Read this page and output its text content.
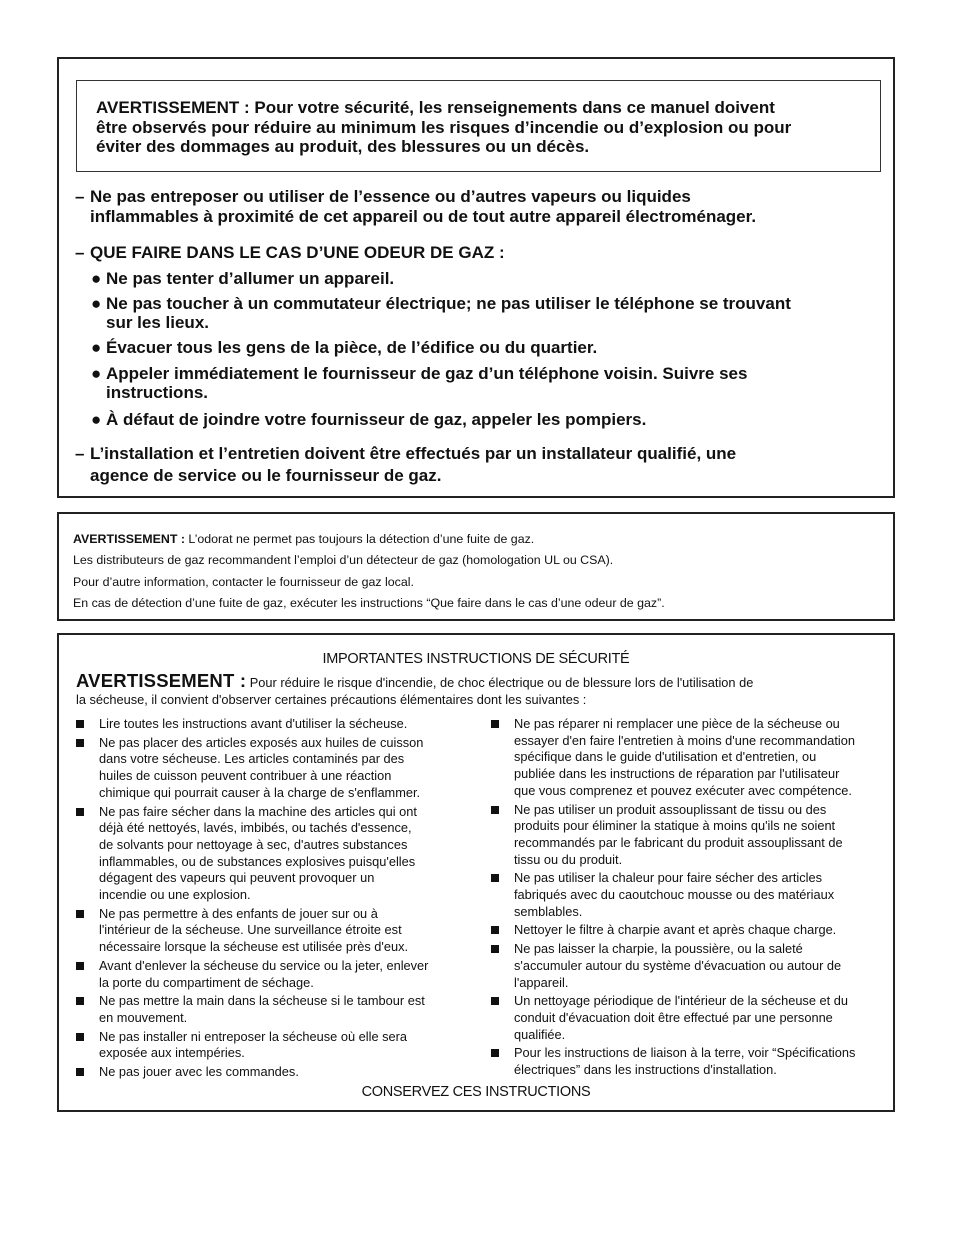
AVERTISSEMENT : Pour votre sécurité, les renseignements dans ce manuel doivent
être observés pour réduire au minimum les risques d’incendie ou d’explosion ou pour
éviter des dommages au produit, des blessures ou un décès.
– Ne pas entreposer ou utiliser de l’essence ou d’autres vapeurs ou liquides
inflammables à proximité de cet appareil ou de tout autre appareil électroménager.
– QUE FAIRE DANS LE CAS D’UNE ODEUR DE GAZ :
● Ne pas tenter d’allumer un appareil.
● Ne pas toucher à un commutateur électrique; ne pas utiliser le téléphone se trouvant
sur les lieux.
● Évacuer tous les gens de la pièce, de l’édifice ou du quartier.
● Appeler immédiatement le fournisseur de gaz d’un téléphone voisin. Suivre ses
instructions.
● À défaut de joindre votre fournisseur de gaz, appeler les pompiers.
– L’installation et l’entretien doivent être effectués par un installateur qualifié, une
agence de service ou le fournisseur de gaz.
AVERTISSEMENT : L’odorat ne permet pas toujours la détection d’une fuite de gaz.
Les distributeurs de gaz recommandent l’emploi d’un détecteur de gaz (homologation UL ou CSA).
Pour d’autre information, contacter le fournisseur de gaz local.
En cas de détection d’une fuite de gaz, exécuter les instructions “Que faire dans le cas d’une odeur de gaz”.
IMPORTANTES INSTRUCTIONS DE SÉCURITÉ
AVERTISSEMENT : Pour réduire le risque d'incendie, de choc électrique ou de blessure lors de l'utilisation de
la sécheuse, il convient d'observer certaines précautions élémentaires dont les suivantes :
Lire toutes les instructions avant d'utiliser la sécheuse.
Ne pas placer des articles exposés aux huiles de cuisson
dans votre sécheuse. Les articles contaminés par des
huiles de cuisson peuvent contribuer à une réaction
chimique qui pourrait causer à la charge de s'enflammer.
Ne pas faire sécher dans la machine des articles qui ont
déjà été nettoyés, lavés, imbibés, ou tachés d'essence,
de solvants pour nettoyage à sec, d'autres substances
inflammables, ou de substances explosives puisqu'elles
dégagent des vapeurs qui peuvent provoquer un
incendie ou une explosion.
Ne pas permettre à des enfants de jouer sur ou à
l'intérieur de la sécheuse. Une surveillance étroite est
nécessaire lorsque la sécheuse est utilisée près d'eux.
Avant d'enlever la sécheuse du service ou la jeter, enlever
la porte du compartiment de séchage.
Ne pas mettre la main dans la sécheuse si le tambour est
en mouvement.
Ne pas installer ni entreposer la sécheuse où elle sera
exposée aux intempéries.
Ne pas jouer avec les commandes.
Ne pas réparer ni remplacer une pièce de la sécheuse ou
essayer d'en faire l'entretien à moins d'une recommandation
spécifique dans le guide d'utilisation et d'entretien, ou
publiée dans les instructions de réparation par l'utilisateur
que vous comprenez et pouvez exécuter avec compétence.
Ne pas utiliser un produit assouplissant de tissu ou des
produits pour éliminer la statique à moins qu'ils ne soient
recommandés par le fabricant du produit assouplissant de
tissu ou du produit.
Ne pas utiliser la chaleur pour faire sécher des articles
fabriqués avec du caoutchouc mousse ou des matériaux
semblables.
Nettoyer le filtre à charpie avant et après chaque charge.
Ne pas laisser la charpie, la poussière, ou la saleté
s'accumuler autour du système d'évacuation ou autour de
l'appareil.
Un nettoyage périodique de l'intérieur de la sécheuse et du
conduit d'évacuation doit être effectué par une personne
qualifiée.
Pour les instructions de liaison à la terre, voir “Spécifications
électriques” dans les instructions d'installation.
CONSERVEZ CES INSTRUCTIONS
